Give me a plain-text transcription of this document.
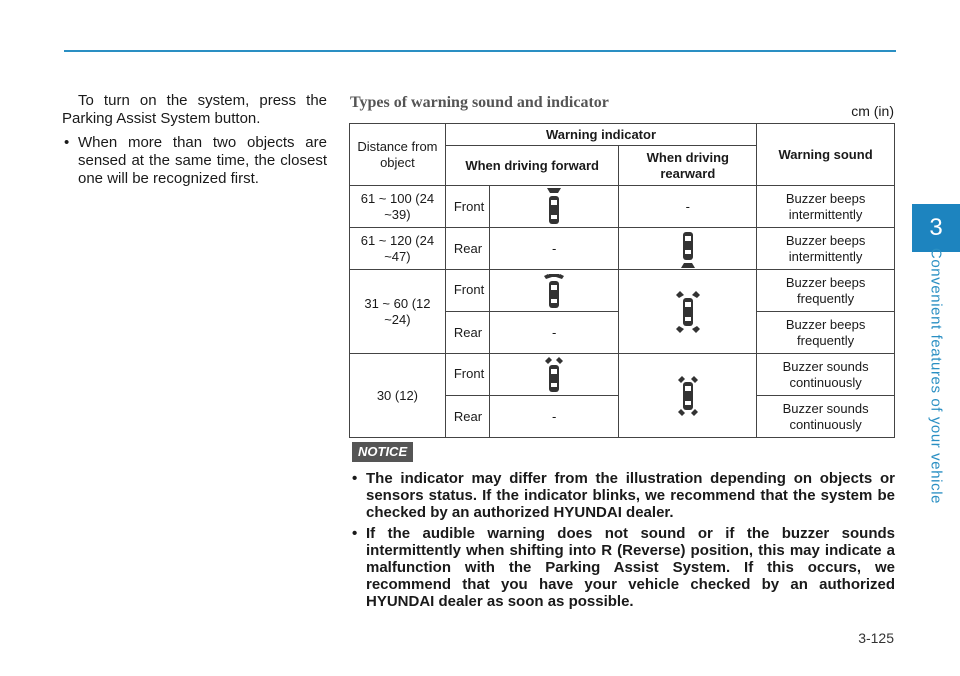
3
Convenient features of your vehicle

To turn on the system, press the Parking Assist System button.

• When more than two objects are sensed at the same time, the closest one will be recognized first.
Types of warning sound and indicator	cm (in)
Distance from object	Warning indicator			Warning sound
	When driving forward		When driving rearward	
61 ~ 100 (24 ~39)	Front		-	Buzzer beeps intermittently
61 ~ 120 (24 ~47)	Rear	-		Buzzer beeps intermittently
31 ~ 60 (12 ~24)	Front			Buzzer beeps frequently
	Rear	-		Buzzer beeps frequently
30 (12)	Front			Buzzer sounds continuously
	Rear	-		Buzzer sounds continuously
NOTICE
• The indicator may differ from the illustration depending on objects or sensors status. If the indicator blinks, we recommend that the system be checked by an authorized HYUNDAI dealer.
• If the audible warning does not sound or if the buzzer sounds intermittently when shifting into R (Reverse) position, this may indicate a malfunction with the Parking Assist System. If this occurs, we recommend that you have your vehicle checked by an authorized HYUNDAI dealer as soon as possible.
3-125
